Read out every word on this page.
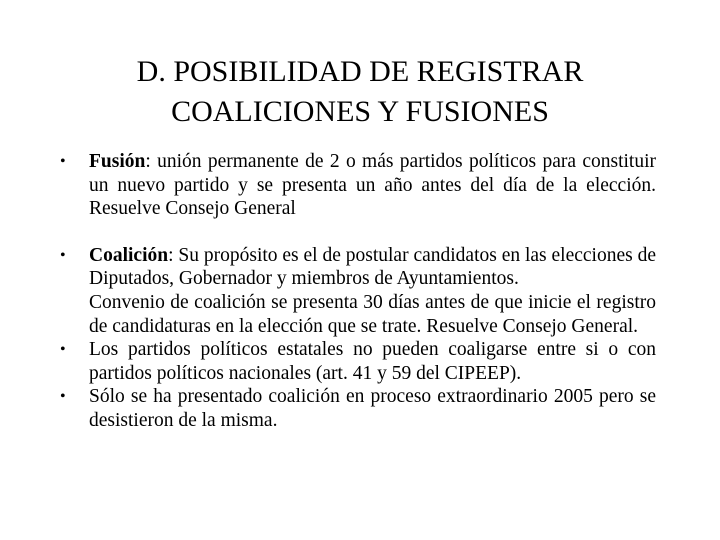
D. POSIBILIDAD DE REGISTRAR
COALICIONES Y FUSIONES
•	Fusión: unión permanente de 2 o más partidos políticos para constituir un nuevo partido y se presenta un año antes del día de la elección. Resuelve Consejo General
•	Coalición: Su propósito es el de postular candidatos en las elecciones de Diputados, Gobernador y miembros de Ayuntamientos.
Convenio de coalición se presenta 30 días antes de que inicie el registro de candidaturas en la elección que se trate. Resuelve Consejo General.
•	Los partidos políticos estatales no pueden coaligarse entre si o con partidos políticos nacionales (art. 41 y 59 del CIPEEP).
•	Sólo se ha presentado coalición en proceso extraordinario 2005 pero se desistieron de la misma.
